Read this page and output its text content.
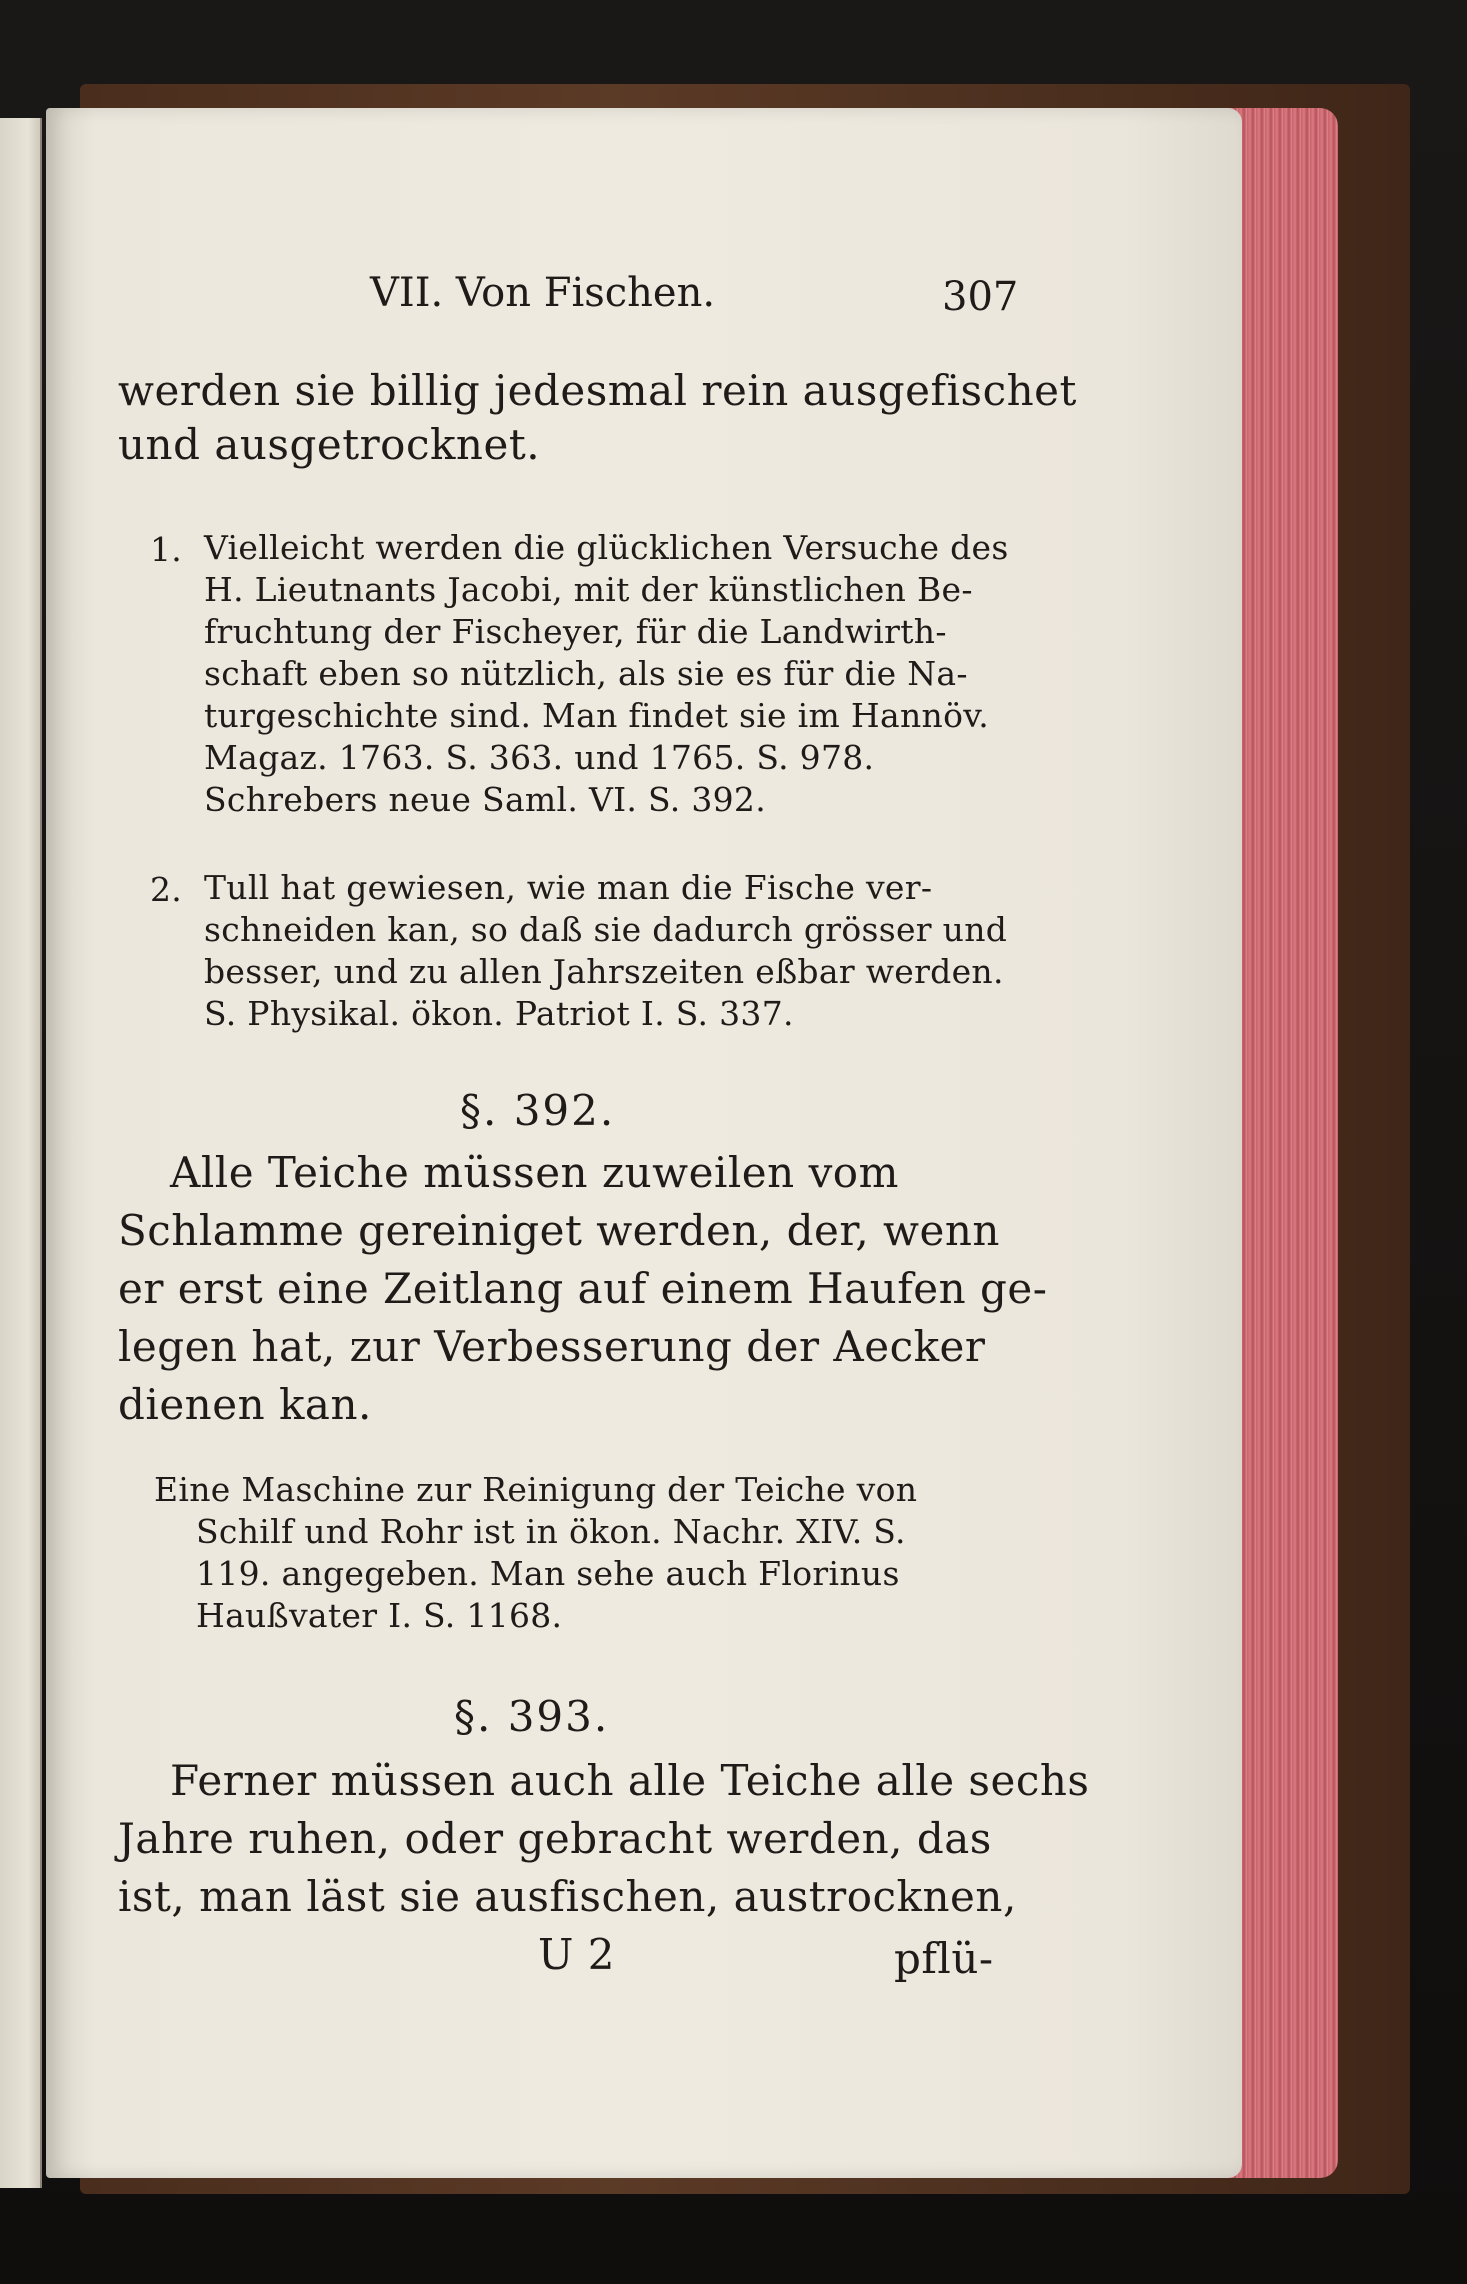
VII. Von Fischen.	307
werden sie billig jedesmal rein ausgefischet
und ausgetrocknet.
1. Vielleicht werden die glücklichen Versuche des
H. Lieutnants Jacobi, mit der künstlichen Be-
fruchtung der Fischeyer, für die Landwirth-
schaft eben so nützlich, als sie es für die Na-
turgeschichte sind. Man findet sie im Hannöv.
Magaz. 1763. S. 363. und 1765. S. 978.
Schrebers neue Saml. VI. S. 392.
2. Tull hat gewiesen, wie man die Fische ver-
schneiden kan, so daß sie dadurch grösser und
besser, und zu allen Jahrszeiten eßbar werden.
S. Physikal. ökon. Patriot I. S. 337.
§. 392.
Alle Teiche müssen zuweilen vom
Schlamme gereiniget werden, der, wenn
er erst eine Zeitlang auf einem Haufen ge-
legen hat, zur Verbesserung der Aecker
dienen kan.
Eine Maschine zur Reinigung der Teiche von
Schilf und Rohr ist in ökon. Nachr. XIV. S.
119. angegeben. Man sehe auch Florinus
Haußvater I. S. 1168.
§. 393.
Ferner müssen auch alle Teiche alle sechs
Jahre ruhen, oder gebracht werden, das
ist, man läst sie ausfischen, austrocknen,
U 2	pflü-
